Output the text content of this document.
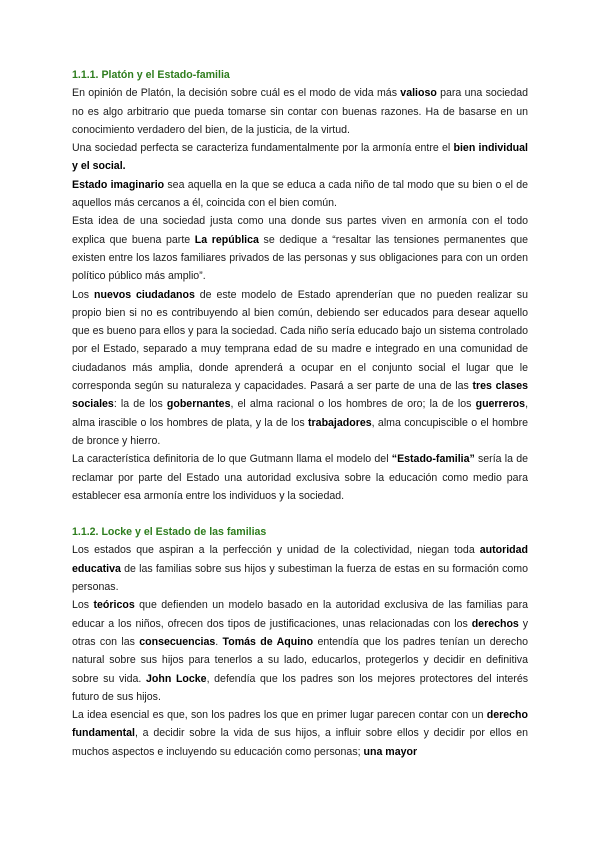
1.1.1. Platón y el Estado-familia

En opinión de Platón, la decisión sobre cuál es el modo de vida más valioso para una sociedad no es algo arbitrario que pueda tomarse sin contar con buenas razones. Ha de basarse en un conocimiento verdadero del bien, de la justicia, de la virtud.

Una sociedad perfecta se caracteriza fundamentalmente por la armonía entre el bien individual y el social.

Estado imaginario sea aquella en la que se educa a cada niño de tal modo que su bien o el de aquellos más cercanos a él, coincida con el bien común.

Esta idea de una sociedad justa como una donde sus partes viven en armonía con el todo explica que buena parte La república se dedique a “resaltar las tensiones permanentes que existen entre los lazos familiares privados de las personas y sus obligaciones para con un orden político público más amplio”.

Los nuevos ciudadanos de este modelo de Estado aprenderían que no pueden realizar su propio bien si no es contribuyendo al bien común, debiendo ser educados para desear aquello que es bueno para ellos y para la sociedad. Cada niño sería educado bajo un sistema controlado por el Estado, separado a muy temprana edad de su madre e integrado en una comunidad de ciudadanos más amplia, donde aprenderá a ocupar en el conjunto social el lugar que le corresponda según su naturaleza y capacidades. Pasará a ser parte de una de las tres clases sociales: la de los gobernantes, el alma racional o los hombres de oro; la de los guerreros, alma irascible o los hombres de plata, y la de los trabajadores, alma concupiscible o el hombre de bronce y hierro.

La característica definitoria de lo que Gutmann llama el modelo del “Estado-familia” sería la de reclamar por parte del Estado una autoridad exclusiva sobre la educación como medio para establecer esa armonía entre los individuos y la sociedad.

1.1.2. Locke y el Estado de las familias

Los estados que aspiran a la perfección y unidad de la colectividad, niegan toda autoridad educativa de las familias sobre sus hijos y subestiman la fuerza de estas en su formación como personas.

Los teóricos que defienden un modelo basado en la autoridad exclusiva de las familias para educar a los niños, ofrecen dos tipos de justificaciones, unas relacionadas con los derechos y otras con las consecuencias. Tomás de Aquino entendía que los padres tenían un derecho natural sobre sus hijos para tenerlos a su lado, educarlos, protegerlos y decidir en definitiva sobre su vida. John Locke, defendía que los padres son los mejores protectores del interés futuro de sus hijos.

La idea esencial es que, son los padres los que en primer lugar parecen contar con un derecho fundamental, a decidir sobre la vida de sus hijos, a influir sobre ellos y decidir por ellos en muchos aspectos e incluyendo su educación como personas; una mayor
